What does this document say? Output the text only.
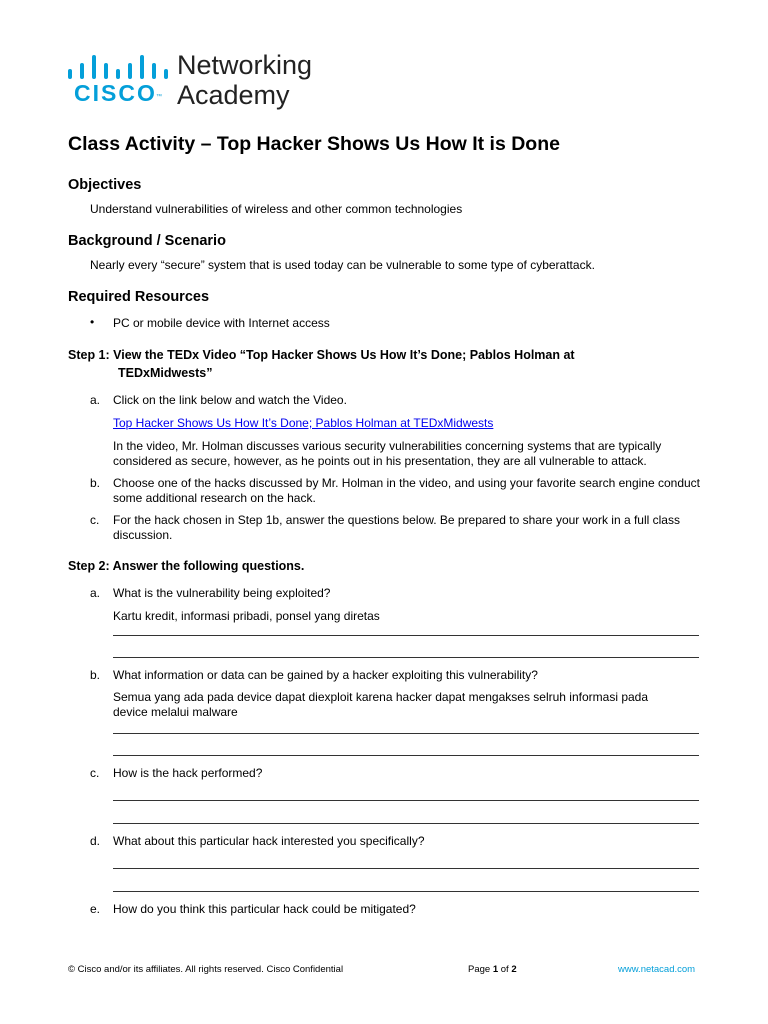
CISCO ™
Networking
Academy
Class Activity – Top Hacker Shows Us How It is Done
Objectives
Understand vulnerabilities of wireless and other common technologies
Background / Scenario
Nearly every “secure” system that is used today can be vulnerable to some type of cyberattack.
Required Resources
• PC or mobile device with Internet access
Step 1: View the TEDx Video “Top Hacker Shows Us How It’s Done; Pablos Holman at
TEDxMidwests”
a. Click on the link below and watch the Video.
Top Hacker Shows Us How It’s Done; Pablos Holman at TEDxMidwests
In the video, Mr. Holman discusses various security vulnerabilities concerning systems that are typically considered as secure, however, as he points out in his presentation, they are all vulnerable to attack.
b. Choose one of the hacks discussed by Mr. Holman in the video, and using your favorite search engine conduct some additional research on the hack.
c. For the hack chosen in Step 1b, answer the questions below. Be prepared to share your work in a full class discussion.
Step 2: Answer the following questions.
a. What is the vulnerability being exploited?
Kartu kredit, informasi pribadi, ponsel yang diretas
b. What information or data can be gained by a hacker exploiting this vulnerability?
Semua yang ada pada device dapat diexploit karena hacker dapat mengakses selruh informasi pada device melalui malware
c. How is the hack performed?
d. What about this particular hack interested you specifically?
e. How do you think this particular hack could be mitigated?
© Cisco and/or its affiliates. All rights reserved. Cisco Confidential	Page 1 of 2	www.netacad.com
